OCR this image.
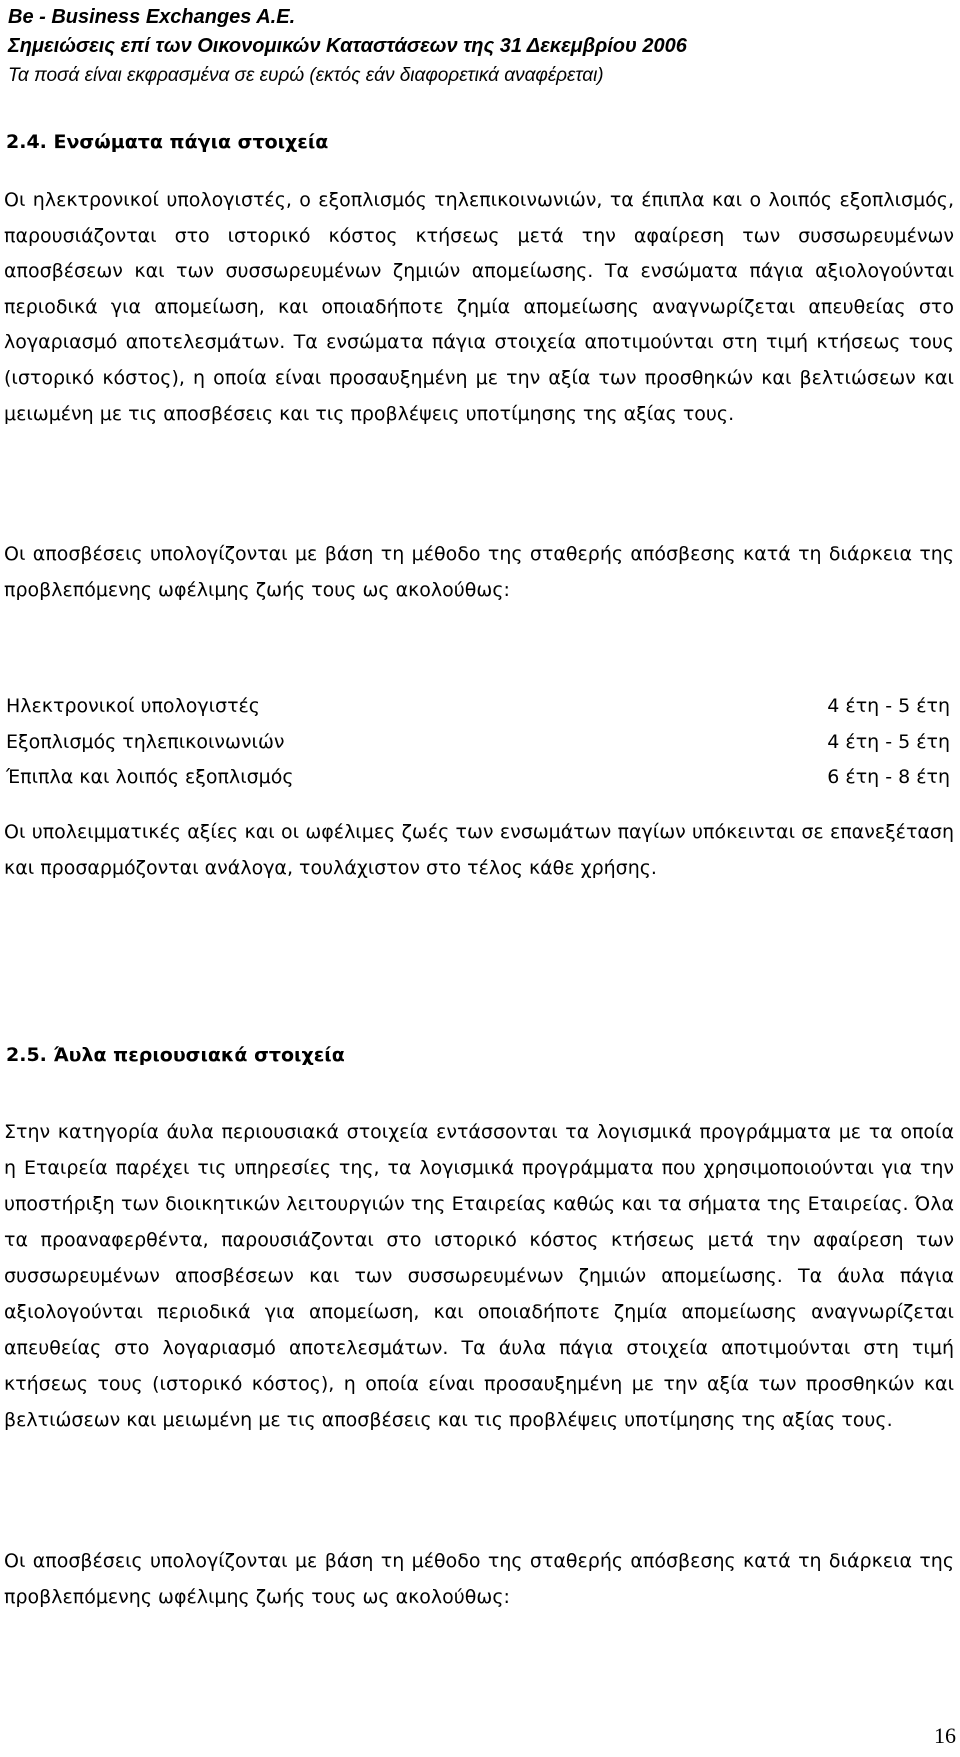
Be - Business Exchanges A.E.
Σημειώσεις επί των Οικονομικών Καταστάσεων της 31 Δεκεμβρίου 2006
Τα ποσά είναι εκφρασμένα σε ευρώ (εκτός εάν διαφορετικά αναφέρεται)
2.4. Ενσώματα πάγια στοιχεία
Οι ηλεκτρονικοί υπολογιστές, ο εξοπλισμός τηλεπικοινωνιών, τα έπιπλα και ο λοιπός εξοπλισμός, παρουσιάζονται στο ιστορικό κόστος κτήσεως μετά την αφαίρεση των συσσωρευμένων αποσβέσεων και των συσσωρευμένων ζημιών απομείωσης. Τα ενσώματα πάγια αξιολογούνται περιοδικά για απομείωση, και οποιαδήποτε ζημία απομείωσης αναγνωρίζεται απευθείας στο λογαριασμό αποτελεσμάτων. Τα ενσώματα πάγια στοιχεία αποτιμούνται στη τιμή κτήσεως τους (ιστορικό κόστος), η οποία είναι προσαυξημένη με την αξία των προσθηκών και βελτιώσεων και μειωμένη με τις αποσβέσεις και τις προβλέψεις υποτίμησης της αξίας τους.
Οι αποσβέσεις υπολογίζονται με βάση τη μέθοδο της σταθερής απόσβεσης κατά τη διάρκεια της προβλεπόμενης ωφέλιμης ζωής τους ως ακολούθως:
Ηλεκτρονικοί υπολογιστές	4 έτη - 5 έτη
Εξοπλισμός τηλεπικοινωνιών	4 έτη - 5 έτη
Έπιπλα και λοιπός εξοπλισμός	6 έτη - 8 έτη
Οι υπολειμματικές αξίες και οι ωφέλιμες ζωές των ενσωμάτων παγίων υπόκεινται σε επανεξέταση και προσαρμόζονται ανάλογα, τουλάχιστον στο τέλος κάθε χρήσης.
2.5. Άυλα περιουσιακά στοιχεία
Στην κατηγορία άυλα περιουσιακά στοιχεία εντάσσονται τα λογισμικά προγράμματα με τα οποία η Εταιρεία παρέχει τις υπηρεσίες της, τα λογισμικά προγράμματα που χρησιμοποιούνται για την υποστήριξη των διοικητικών λειτουργιών της Εταιρείας καθώς και τα σήματα της Εταιρείας. Όλα τα προαναφερθέντα, παρουσιάζονται στο ιστορικό κόστος κτήσεως μετά την αφαίρεση των συσσωρευμένων αποσβέσεων και των συσσωρευμένων ζημιών απομείωσης. Τα άυλα πάγια αξιολογούνται περιοδικά για απομείωση, και οποιαδήποτε ζημία απομείωσης αναγνωρίζεται απευθείας στο λογαριασμό αποτελεσμάτων. Τα άυλα πάγια στοιχεία αποτιμούνται στη τιμή κτήσεως τους (ιστορικό κόστος), η οποία είναι προσαυξημένη με την αξία των προσθηκών και βελτιώσεων και μειωμένη με τις αποσβέσεις και τις προβλέψεις υποτίμησης της αξίας τους.
Οι αποσβέσεις υπολογίζονται με βάση τη μέθοδο της σταθερής απόσβεσης κατά τη διάρκεια της προβλεπόμενης ωφέλιμης ζωής τους ως ακολούθως:
16
